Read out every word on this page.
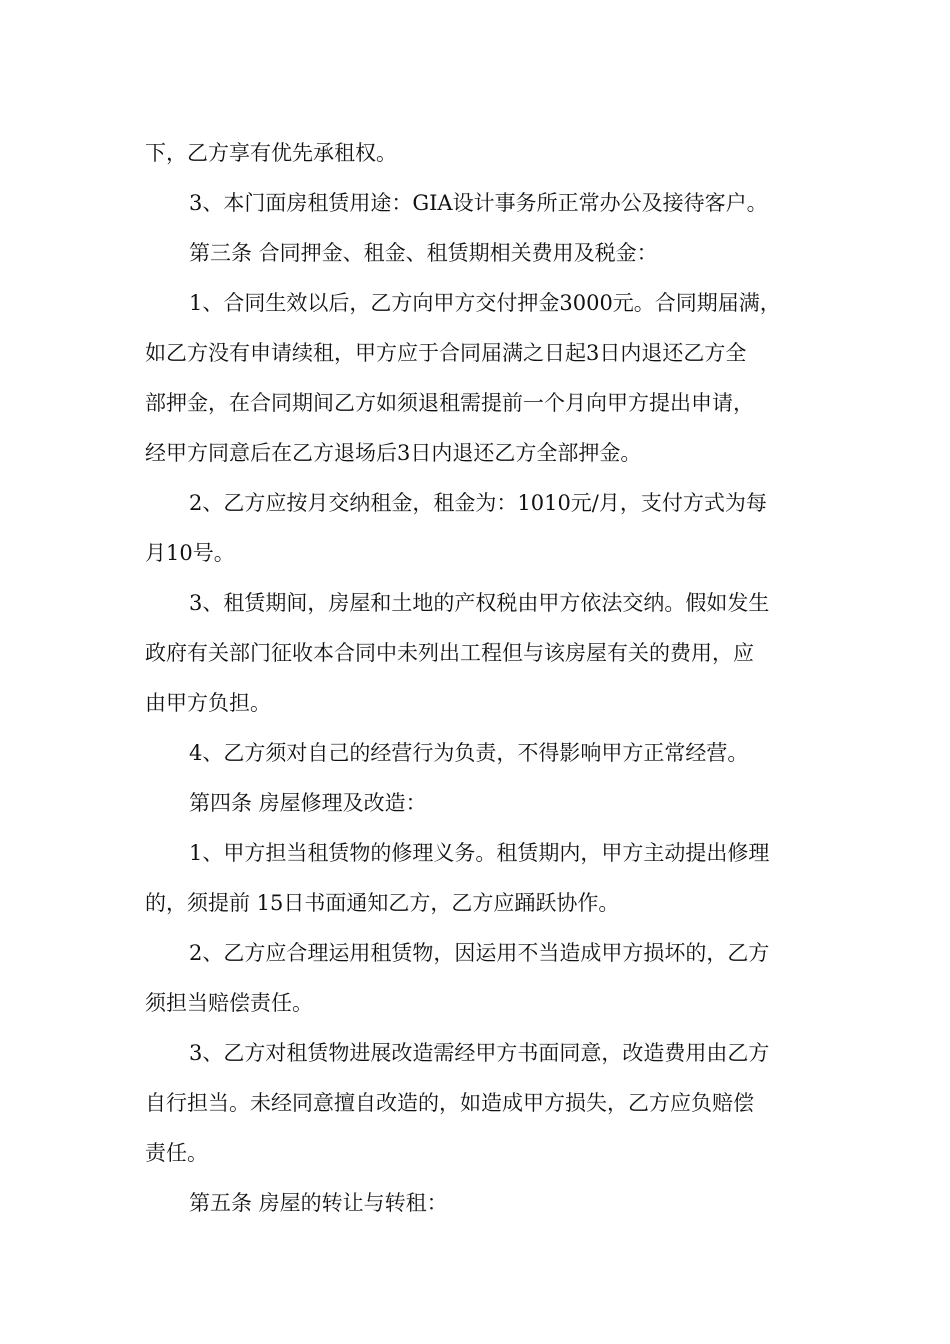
下，乙方享有优先承租权。
3、本门面房租赁用途：GIA设计事务所正常办公及接待客户。
第三条 合同押金、租金、租赁期相关费用及税金：
1、合同生效以后，乙方向甲方交付押金3000元。合同期届满，
如乙方没有申请续租，甲方应于合同届满之日起3日内退还乙方全
部押金，在合同期间乙方如须退租需提前一个月向甲方提出申请，
经甲方同意后在乙方退场后3日内退还乙方全部押金。
2、乙方应按月交纳租金，租金为：1010元/月，支付方式为每
月10号。
3、租赁期间，房屋和土地的产权税由甲方依法交纳。假如发生
政府有关部门征收本合同中未列出工程但与该房屋有关的费用，应
由甲方负担。
4、乙方须对自己的经营行为负责，不得影响甲方正常经营。
第四条 房屋修理及改造：
1、甲方担当租赁物的修理义务。租赁期内，甲方主动提出修理
的，须提前 15日书面通知乙方，乙方应踊跃协作。
2、乙方应合理运用租赁物，因运用不当造成甲方损坏的，乙方
须担当赔偿责任。
3、乙方对租赁物进展改造需经甲方书面同意，改造费用由乙方
自行担当。未经同意擅自改造的，如造成甲方损失，乙方应负赔偿
责任。
第五条 房屋的转让与转租：
